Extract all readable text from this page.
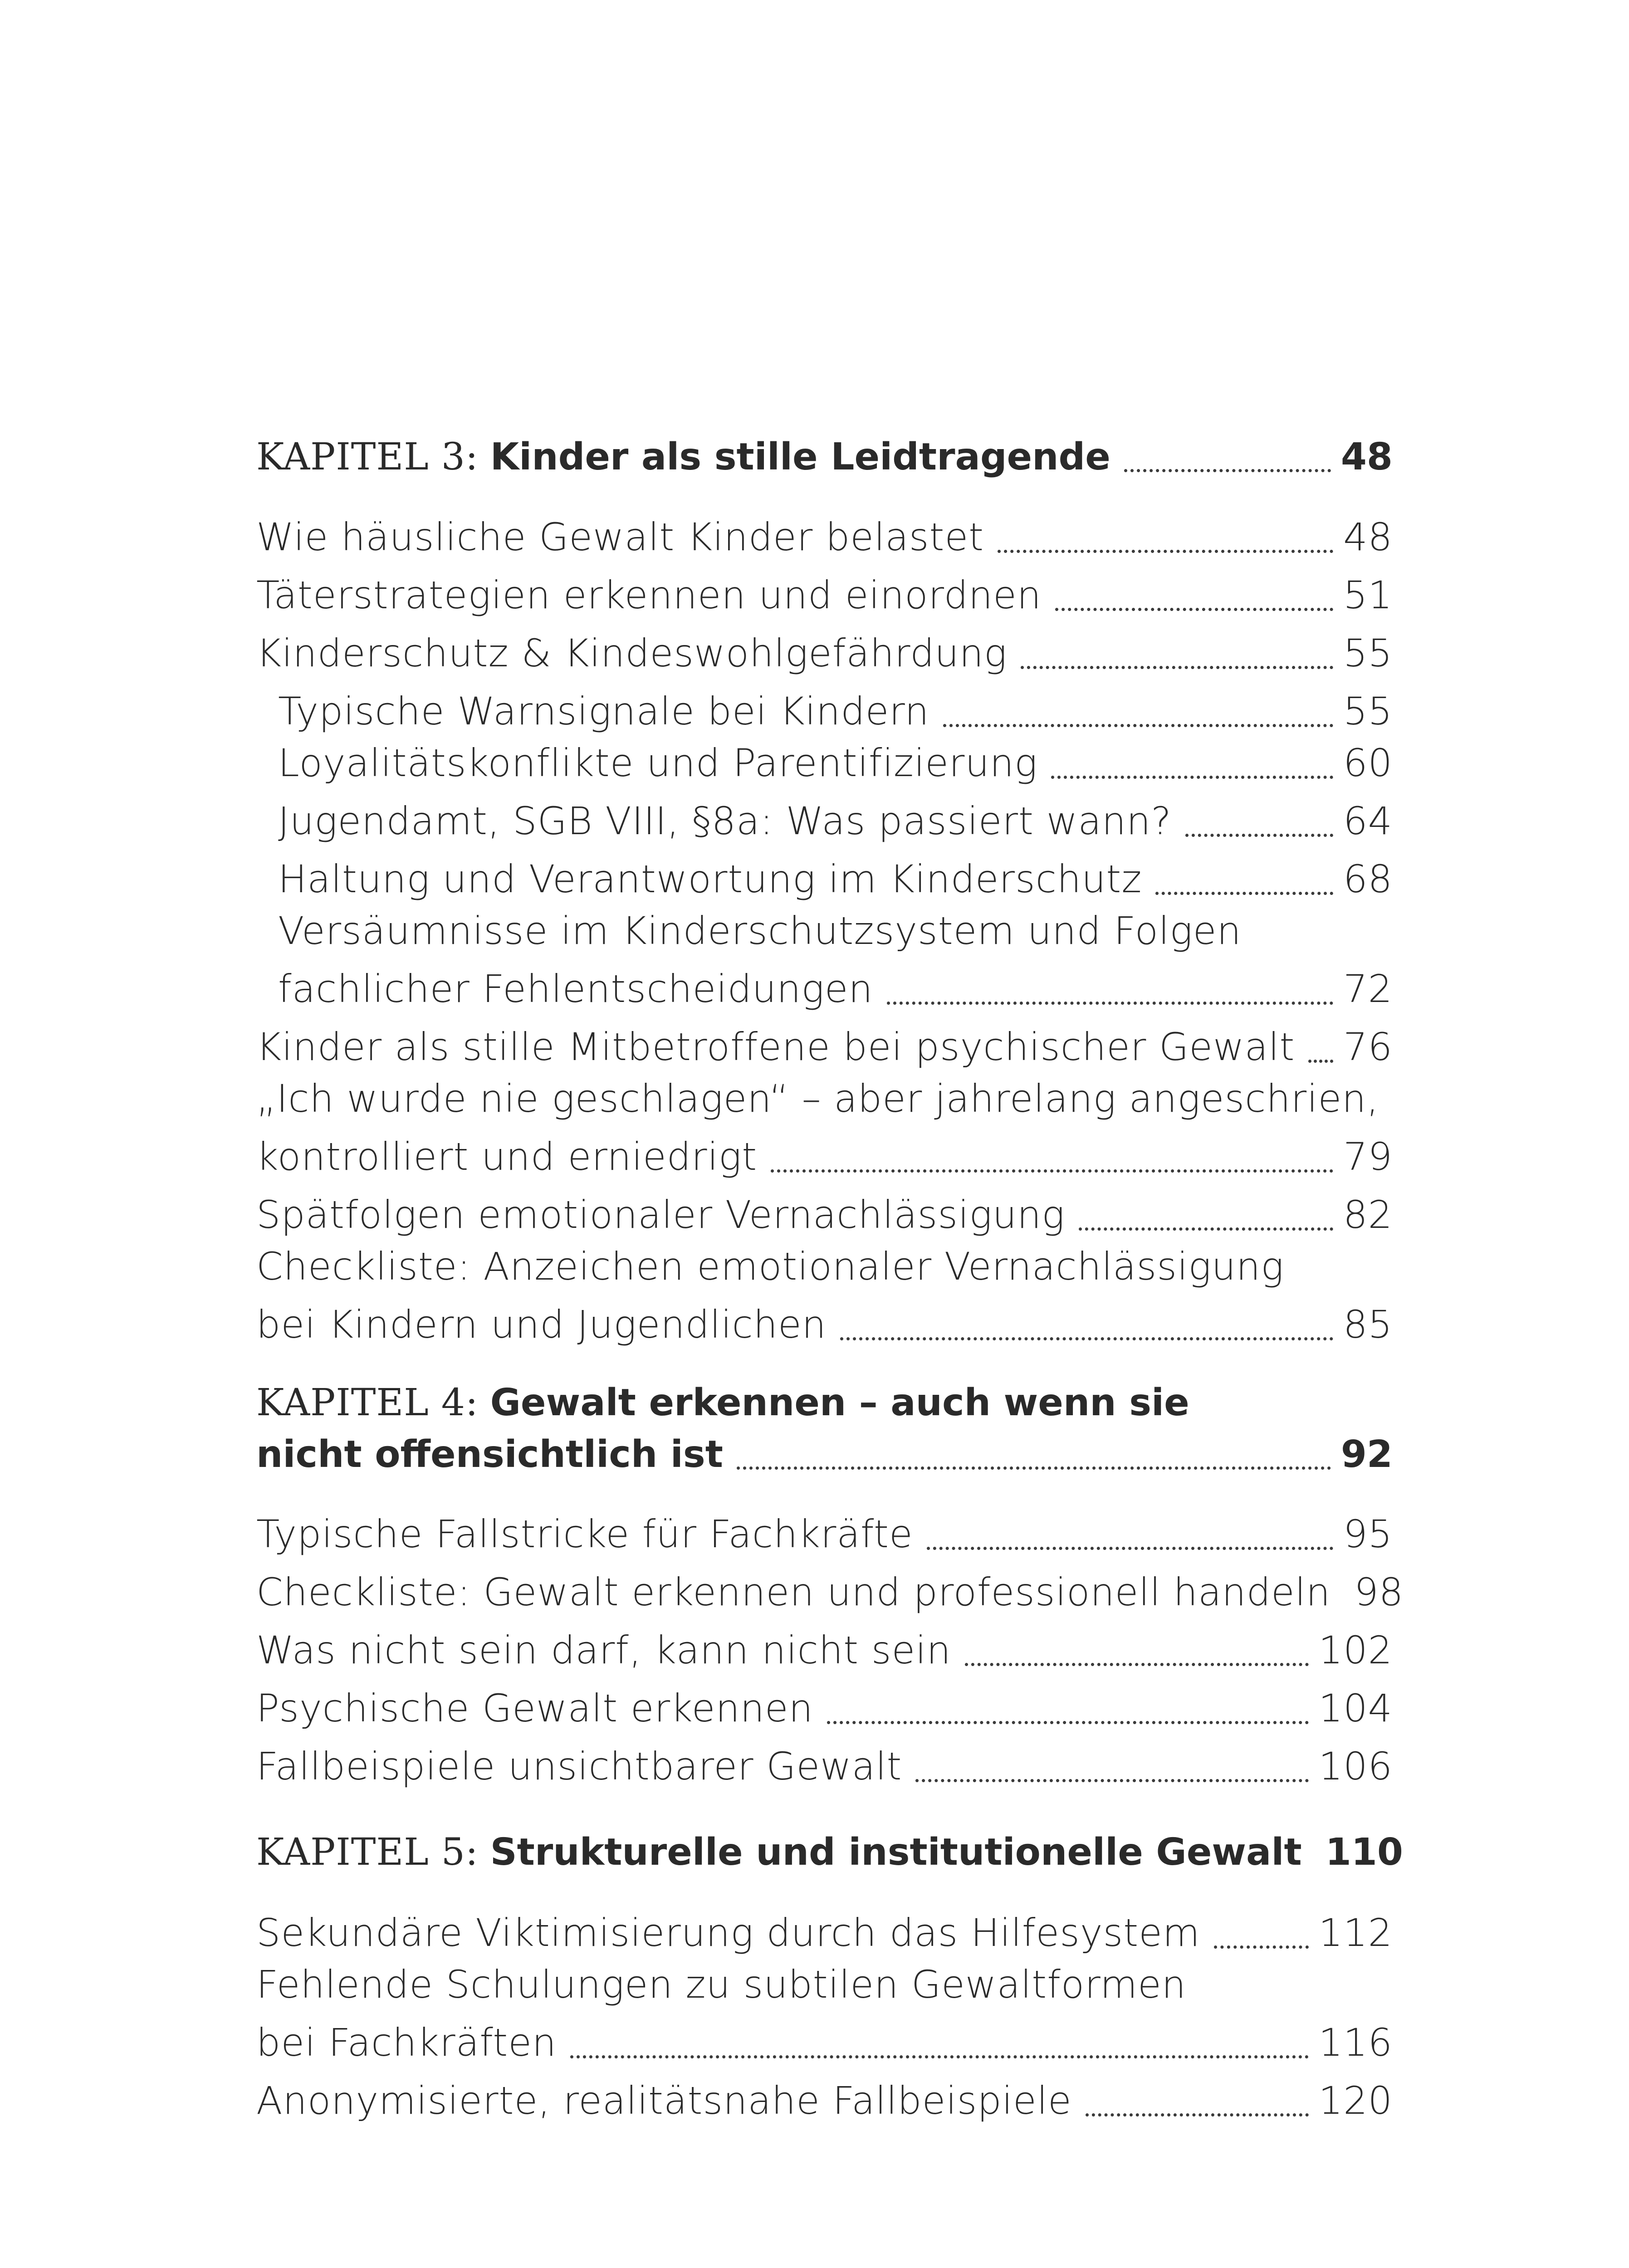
KAPITEL 3: Kinder als stille Leidtragende	48
Wie häusliche Gewalt Kinder belastet	48
Täterstrategien erkennen und einordnen	51
Kinderschutz & Kindeswohlgefährdung	55
Typische Warnsignale bei Kindern	55
Loyalitätskonflikte und Parentifizierung	60
Jugendamt, SGB VIII, §8a: Was passiert wann?	64
Haltung und Verantwortung im Kinderschutz	68
Versäumnisse im Kinderschutzsystem und Folgen
fachlicher Fehlentscheidungen	72
Kinder als stille Mitbetroffene bei psychischer Gewalt 76
„Ich wurde nie geschlagen“ – aber jahrelang angeschrien,
kontrolliert und erniedrigt	79
Spätfolgen emotionaler Vernachlässigung	82
Checkliste: Anzeichen emotionaler Vernachlässigung
bei Kindern und Jugendlichen	85
KAPITEL 4: Gewalt erkennen – auch wenn sie
nicht offensichtlich ist	92
Typische Fallstricke für Fachkräfte	95
Checkliste: Gewalt erkennen und professionell handeln 98
Was nicht sein darf, kann nicht sein	102
Psychische Gewalt erkennen	104
Fallbeispiele unsichtbarer Gewalt	106
KAPITEL 5: Strukturelle und institutionelle Gewalt 110
Sekundäre Viktimisierung durch das Hilfesystem	112
Fehlende Schulungen zu subtilen Gewaltformen
bei Fachkräften	116
Anonymisierte, realitätsnahe Fallbeispiele	120
